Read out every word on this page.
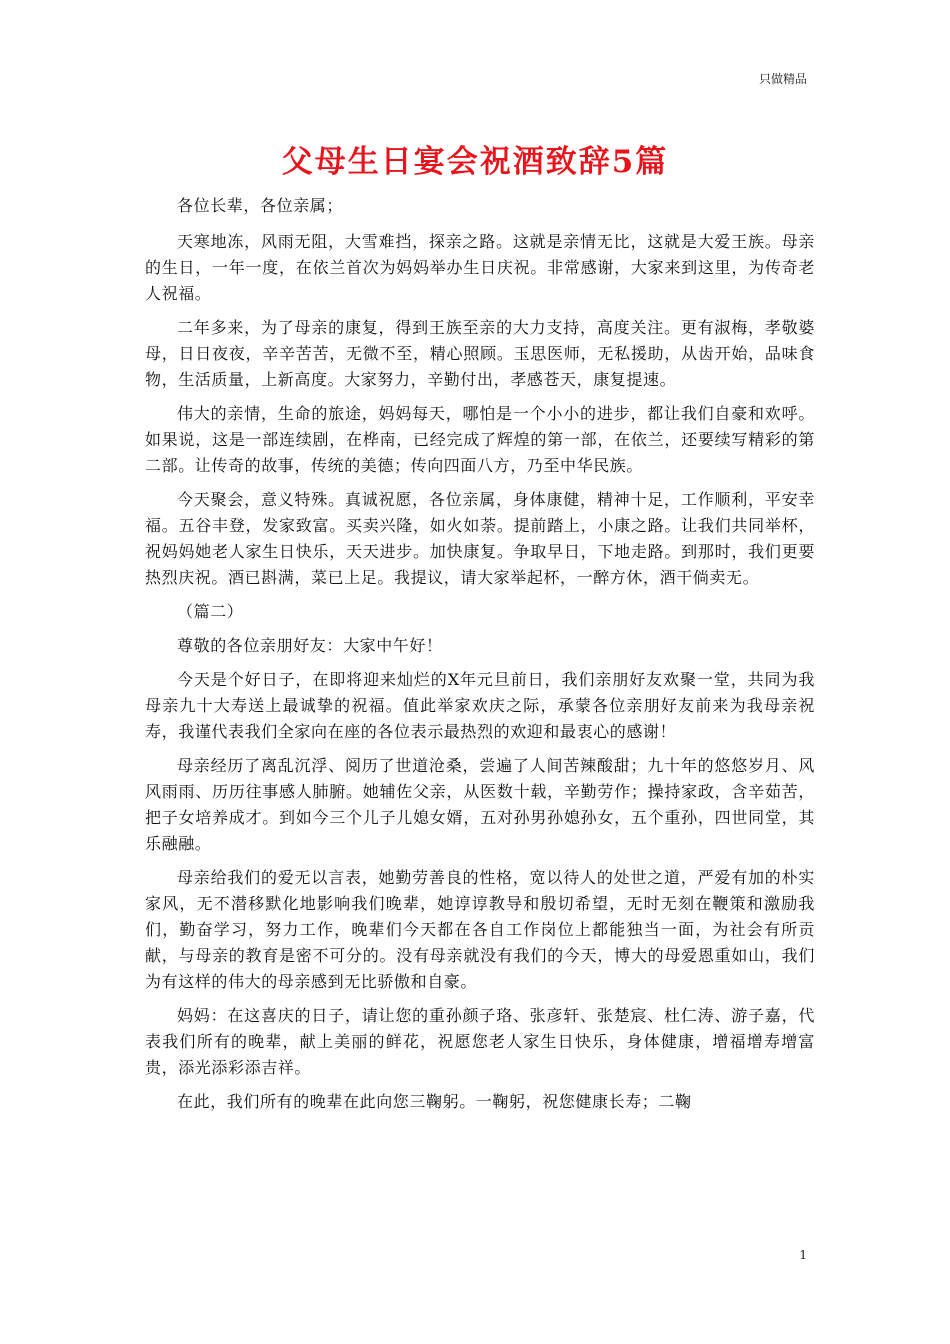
只做精品
父母生日宴会祝酒致辞5篇

各位长辈，各位亲属；

天寒地冻，风雨无阻，大雪难挡，探亲之路。这就是亲情无比，这就是大爱王族。母亲的生日，一年一度，在依兰首次为妈妈举办生日庆祝。非常感谢，大家来到这里，为传奇老人祝福。

二年多来，为了母亲的康复，得到王族至亲的大力支持，高度关注。更有淑梅，孝敬婆母，日日夜夜，辛辛苦苦，无微不至，精心照顾。玉思医师，无私援助，从齿开始，品味食物，生活质量，上新高度。大家努力，辛勤付出，孝感苍天，康复提速。

伟大的亲情，生命的旅途，妈妈每天，哪怕是一个小小的进步，都让我们自豪和欢呼。如果说，这是一部连续剧，在桦南，已经完成了辉煌的第一部，在依兰，还要续写精彩的第二部。让传奇的故事，传统的美德；传向四面八方，乃至中华民族。

今天聚会，意义特殊。真诚祝愿，各位亲属，身体康健，精神十足，工作顺利，平安幸福。五谷丰登，发家致富。买卖兴隆，如火如荼。提前踏上，小康之路。让我们共同举杯，祝妈妈她老人家生日快乐，天天进步。加快康复。争取早日，下地走路。到那时，我们更要热烈庆祝。酒已斟满，菜已上足。我提议，请大家举起杯，一醉方休，酒干倘卖无。

（篇二）

尊敬的各位亲朋好友：大家中午好！

今天是个好日子，在即将迎来灿烂的X年元旦前日，我们亲朋好友欢聚一堂，共同为我母亲九十大寿送上最诚挚的祝福。值此举家欢庆之际，承蒙各位亲朋好友前来为我母亲祝寿，我谨代表我们全家向在座的各位表示最热烈的欢迎和最衷心的感谢！

母亲经历了离乱沉浮、阅历了世道沧桑，尝遍了人间苦辣酸甜；九十年的悠悠岁月、风风雨雨、历历往事感人肺腑。她辅佐父亲，从医数十载，辛勤劳作；操持家政，含辛茹苦，把子女培养成才。到如今三个儿子儿媳女婿，五对孙男孙媳孙女，五个重孙，四世同堂，其乐融融。

母亲给我们的爱无以言表，她勤劳善良的性格，宽以待人的处世之道，严爱有加的朴实家风，无不潜移默化地影响我们晚辈，她谆谆教导和殷切希望，无时无刻在鞭策和激励我们，勤奋学习，努力工作，晚辈们今天都在各自工作岗位上都能独当一面，为社会有所贡献，与母亲的教育是密不可分的。没有母亲就没有我们的今天，博大的母爱恩重如山，我们为有这样的伟大的母亲感到无比骄傲和自豪。

妈妈：在这喜庆的日子，请让您的重孙颜子珞、张彦轩、张楚宸、杜仁涛、游子嘉，代表我们所有的晚辈，献上美丽的鲜花，祝愿您老人家生日快乐，身体健康，增福增寿增富贵，添光添彩添吉祥。

在此，我们所有的晚辈在此向您三鞠躬。一鞠躬，祝您健康长寿；二鞠

1
